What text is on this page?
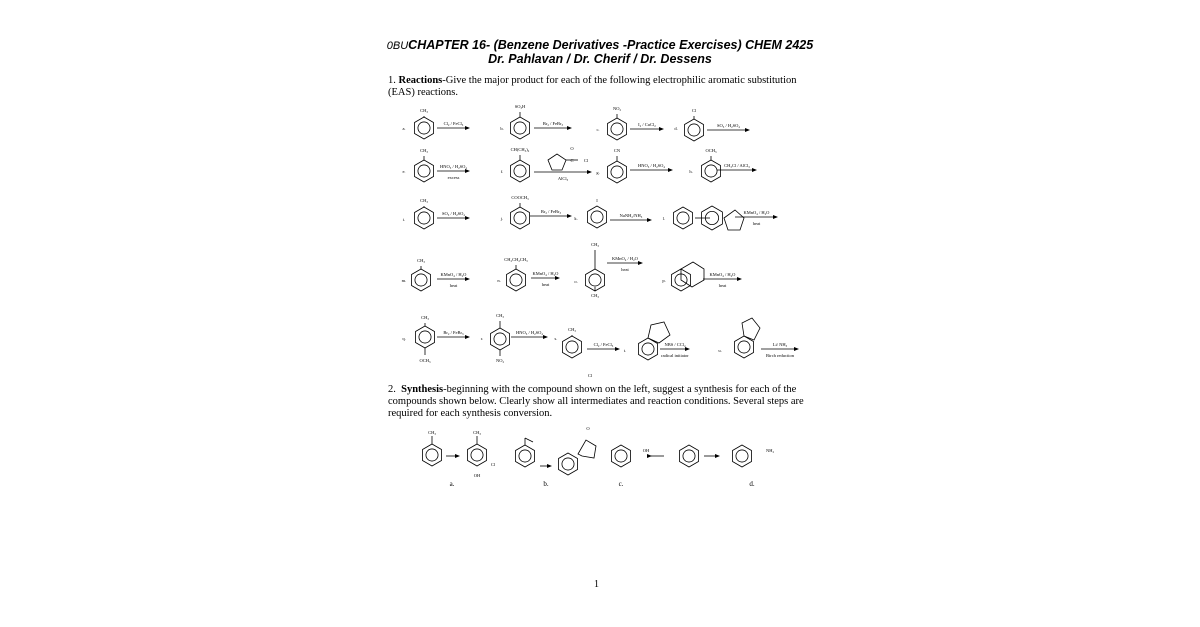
0BUCHAPTER 16- (Benzene Derivatives -Practice Exercises) CHEM 2425
Dr. Pahlavan / Dr. Cherif / Dr. Dessens
1. Reactions-Give the major product for each of the following electrophilic aromatic substitution (EAS) reactions.
2. Synthesis-beginning with the compound shown on the left, suggest a synthesis for each of the compounds shown below. Clearly show all intermediates and reaction conditions. Several steps are required for each synthesis conversion.
a.
CH₃
Cl₂ / FeCl₃
b.
SO₃H
Br₂ / FeBr₃
c.
NO₂
I₂ / CuCl₂
d.
Cl
SO₃ / H₂SO₄
e.
CH₃
HNO₃ / H₂SO₄
excess
f.
CH(CH₃)₂
AlCl₃
g.
CN
HNO₃ / H₂SO₄
h.
OCH₃
CH₃Cl / AlCl₃
i.
CH₃
SO₃ / H₂SO₄
j.
COOCH₃
Br₂ / FeBr₃
k.
I
NaNH₂/NH₃
l.
KMnO₄ / H₂O
heat
m.
CH₃
KMnO₄ / H₂O
heat
n.
CH₂CH₂CH₃
KMnO₄ / H₂O
heat
o.
CH₃
KMnO₄ / H₂O
heat
p.
KMnO₄ / H₂O
heat
q.
CH₃
Br₂ / FeBr₃
r.
CH₃
HNO₃ / H₂SO₄
s.
CH₃
Cl₂ / FeCl₃
t.
NBS / CCl₄
radical initiator
u.
Li/ NH₃
Birch reduction
CH₃
OCH₃	NO₂
Cl
O
C Cl
CH₃	CH₃
Cl
OH
O
OH	NH₂
a.	b.	c.	d.
1
